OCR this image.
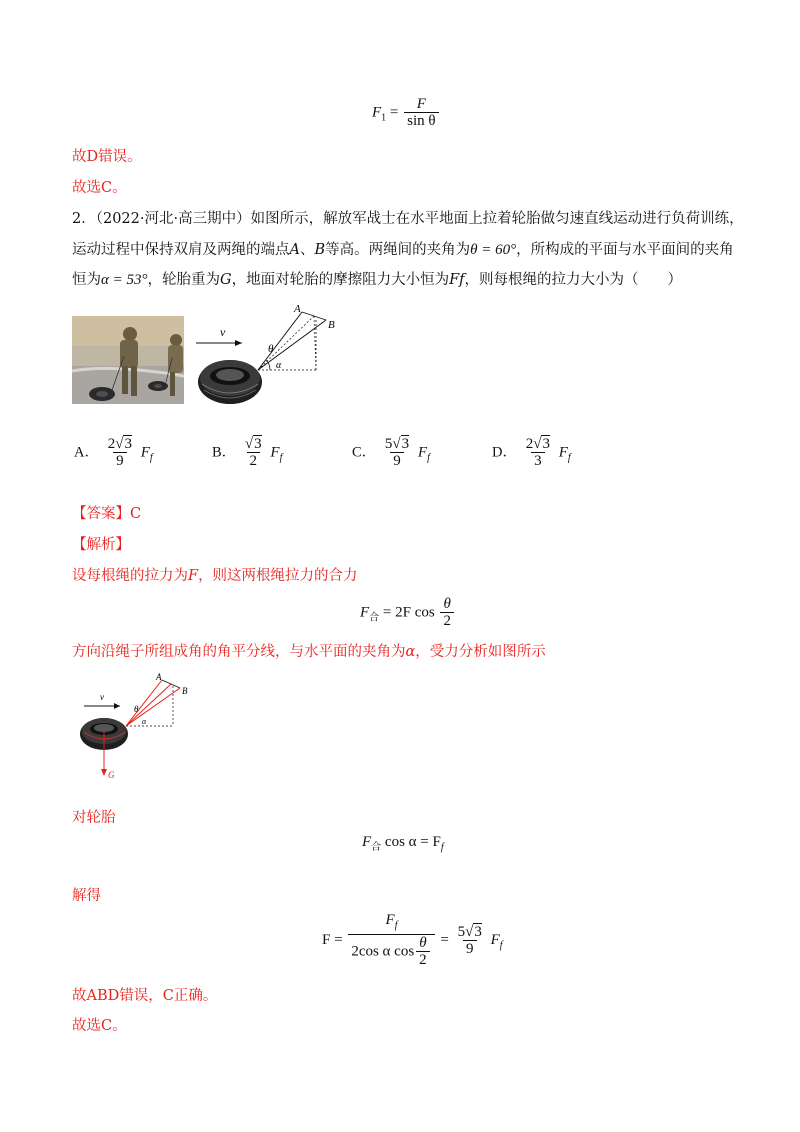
$F_1 = \frac{F}{\text{sin θ}}$
故D错误。
故选C。
2．（2022·河北·高三期中）如图所示，解放军战士在水平地面上拉着轮胎做匀速直线运动进行负荷训练，
运动过程中保持双肩及两绳的端点A、B等高。两绳间的夹角为θ = 60°，所构成的平面与水平面间的夹角
恒为α = 53°，轮胎重为G，地面对轮胎的摩擦阻力大小恒为Ff，则每根绳的拉力大小为（　　）
v
A
B
θ
α
A． $\frac{2√3}{9} F_f$	B． $\frac{√3}{2} F_f$	C． $\frac{5√3}{9} F_f$	D． $\frac{2√3}{3} F_f$
【答案】C
【解析】
设每根绳的拉力为F，则这两根绳拉力的合力
$F_合 = 2F$ $\cos \frac{\theta}{2}$
方向沿绳子所组成角的角平分线，与水平面的夹角为α，受力分析如图所示
v
A
B
θ
α
G
对轮胎
$F_合$ $\cos \alpha = F_f$
解得
$F = \frac{F_f}{2\cos \alpha \cos \frac{\theta}{2}} = \frac{5√3}{9} F_f$
故ABD错误，C正确。
故选C。
